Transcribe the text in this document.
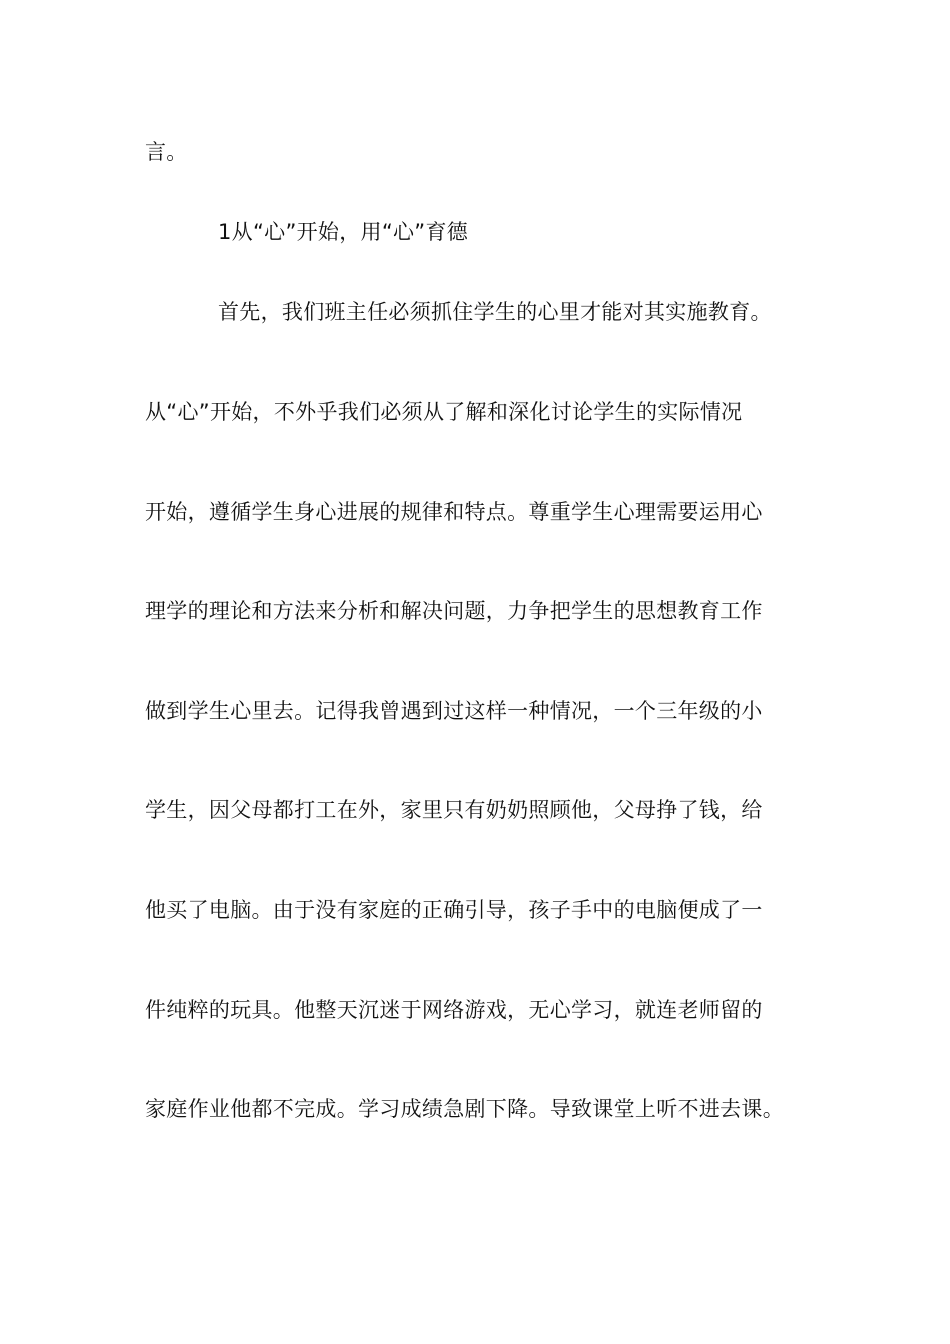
言。
1从“心”开始，用“心”育德
首先，我们班主任必须抓住学生的心里才能对其实施教育。
从“心”开始，不外乎我们必须从了解和深化讨论学生的实际情况
开始，遵循学生身心进展的规律和特点。尊重学生心理需要运用心
理学的理论和方法来分析和解决问题，力争把学生的思想教育工作
做到学生心里去。记得我曾遇到过这样一种情况，一个三年级的小
学生，因父母都打工在外，家里只有奶奶照顾他，父母挣了钱，给
他买了电脑。由于没有家庭的正确引导，孩子手中的电脑便成了一
件纯粹的玩具。他整天沉迷于网络游戏，无心学习，就连老师留的
家庭作业他都不完成。学习成绩急剧下降。导致课堂上听不进去课。
